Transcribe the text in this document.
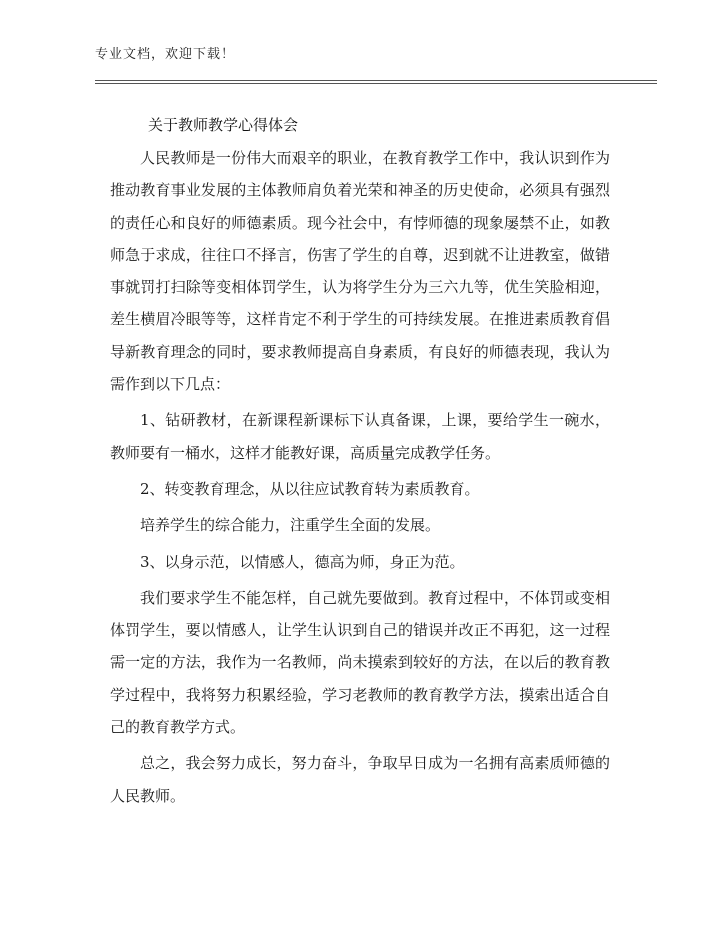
专业文档，欢迎下载！
关于教师教学心得体会

人民教师是一份伟大而艰辛的职业，在教育教学工作中，我认识到作为推动教育事业发展的主体教师肩负着光荣和神圣的历史使命，必须具有强烈的责任心和良好的师德素质。现今社会中，有悖师德的现象屡禁不止，如教师急于求成，往往口不择言，伤害了学生的自尊，迟到就不让进教室，做错事就罚打扫除等变相体罚学生，认为将学生分为三六九等，优生笑脸相迎，差生横眉冷眼等等，这样肯定不利于学生的可持续发展。在推进素质教育倡导新教育理念的同时，要求教师提高自身素质，有良好的师德表现，我认为需作到以下几点：

1、钻研教材，在新课程新课标下认真备课，上课，要给学生一碗水，教师要有一桶水，这样才能教好课，高质量完成教学任务。

2、转变教育理念，从以往应试教育转为素质教育。

培养学生的综合能力，注重学生全面的发展。

3、以身示范，以情感人，德高为师，身正为范。

我们要求学生不能怎样，自己就先要做到。教育过程中，不体罚或变相体罚学生，要以情感人，让学生认识到自己的错误并改正不再犯，这一过程需一定的方法，我作为一名教师，尚未摸索到较好的方法，在以后的教育教学过程中，我将努力积累经验，学习老教师的教育教学方法，摸索出适合自己的教育教学方式。

总之，我会努力成长，努力奋斗，争取早日成为一名拥有高素质师德的人民教师。
